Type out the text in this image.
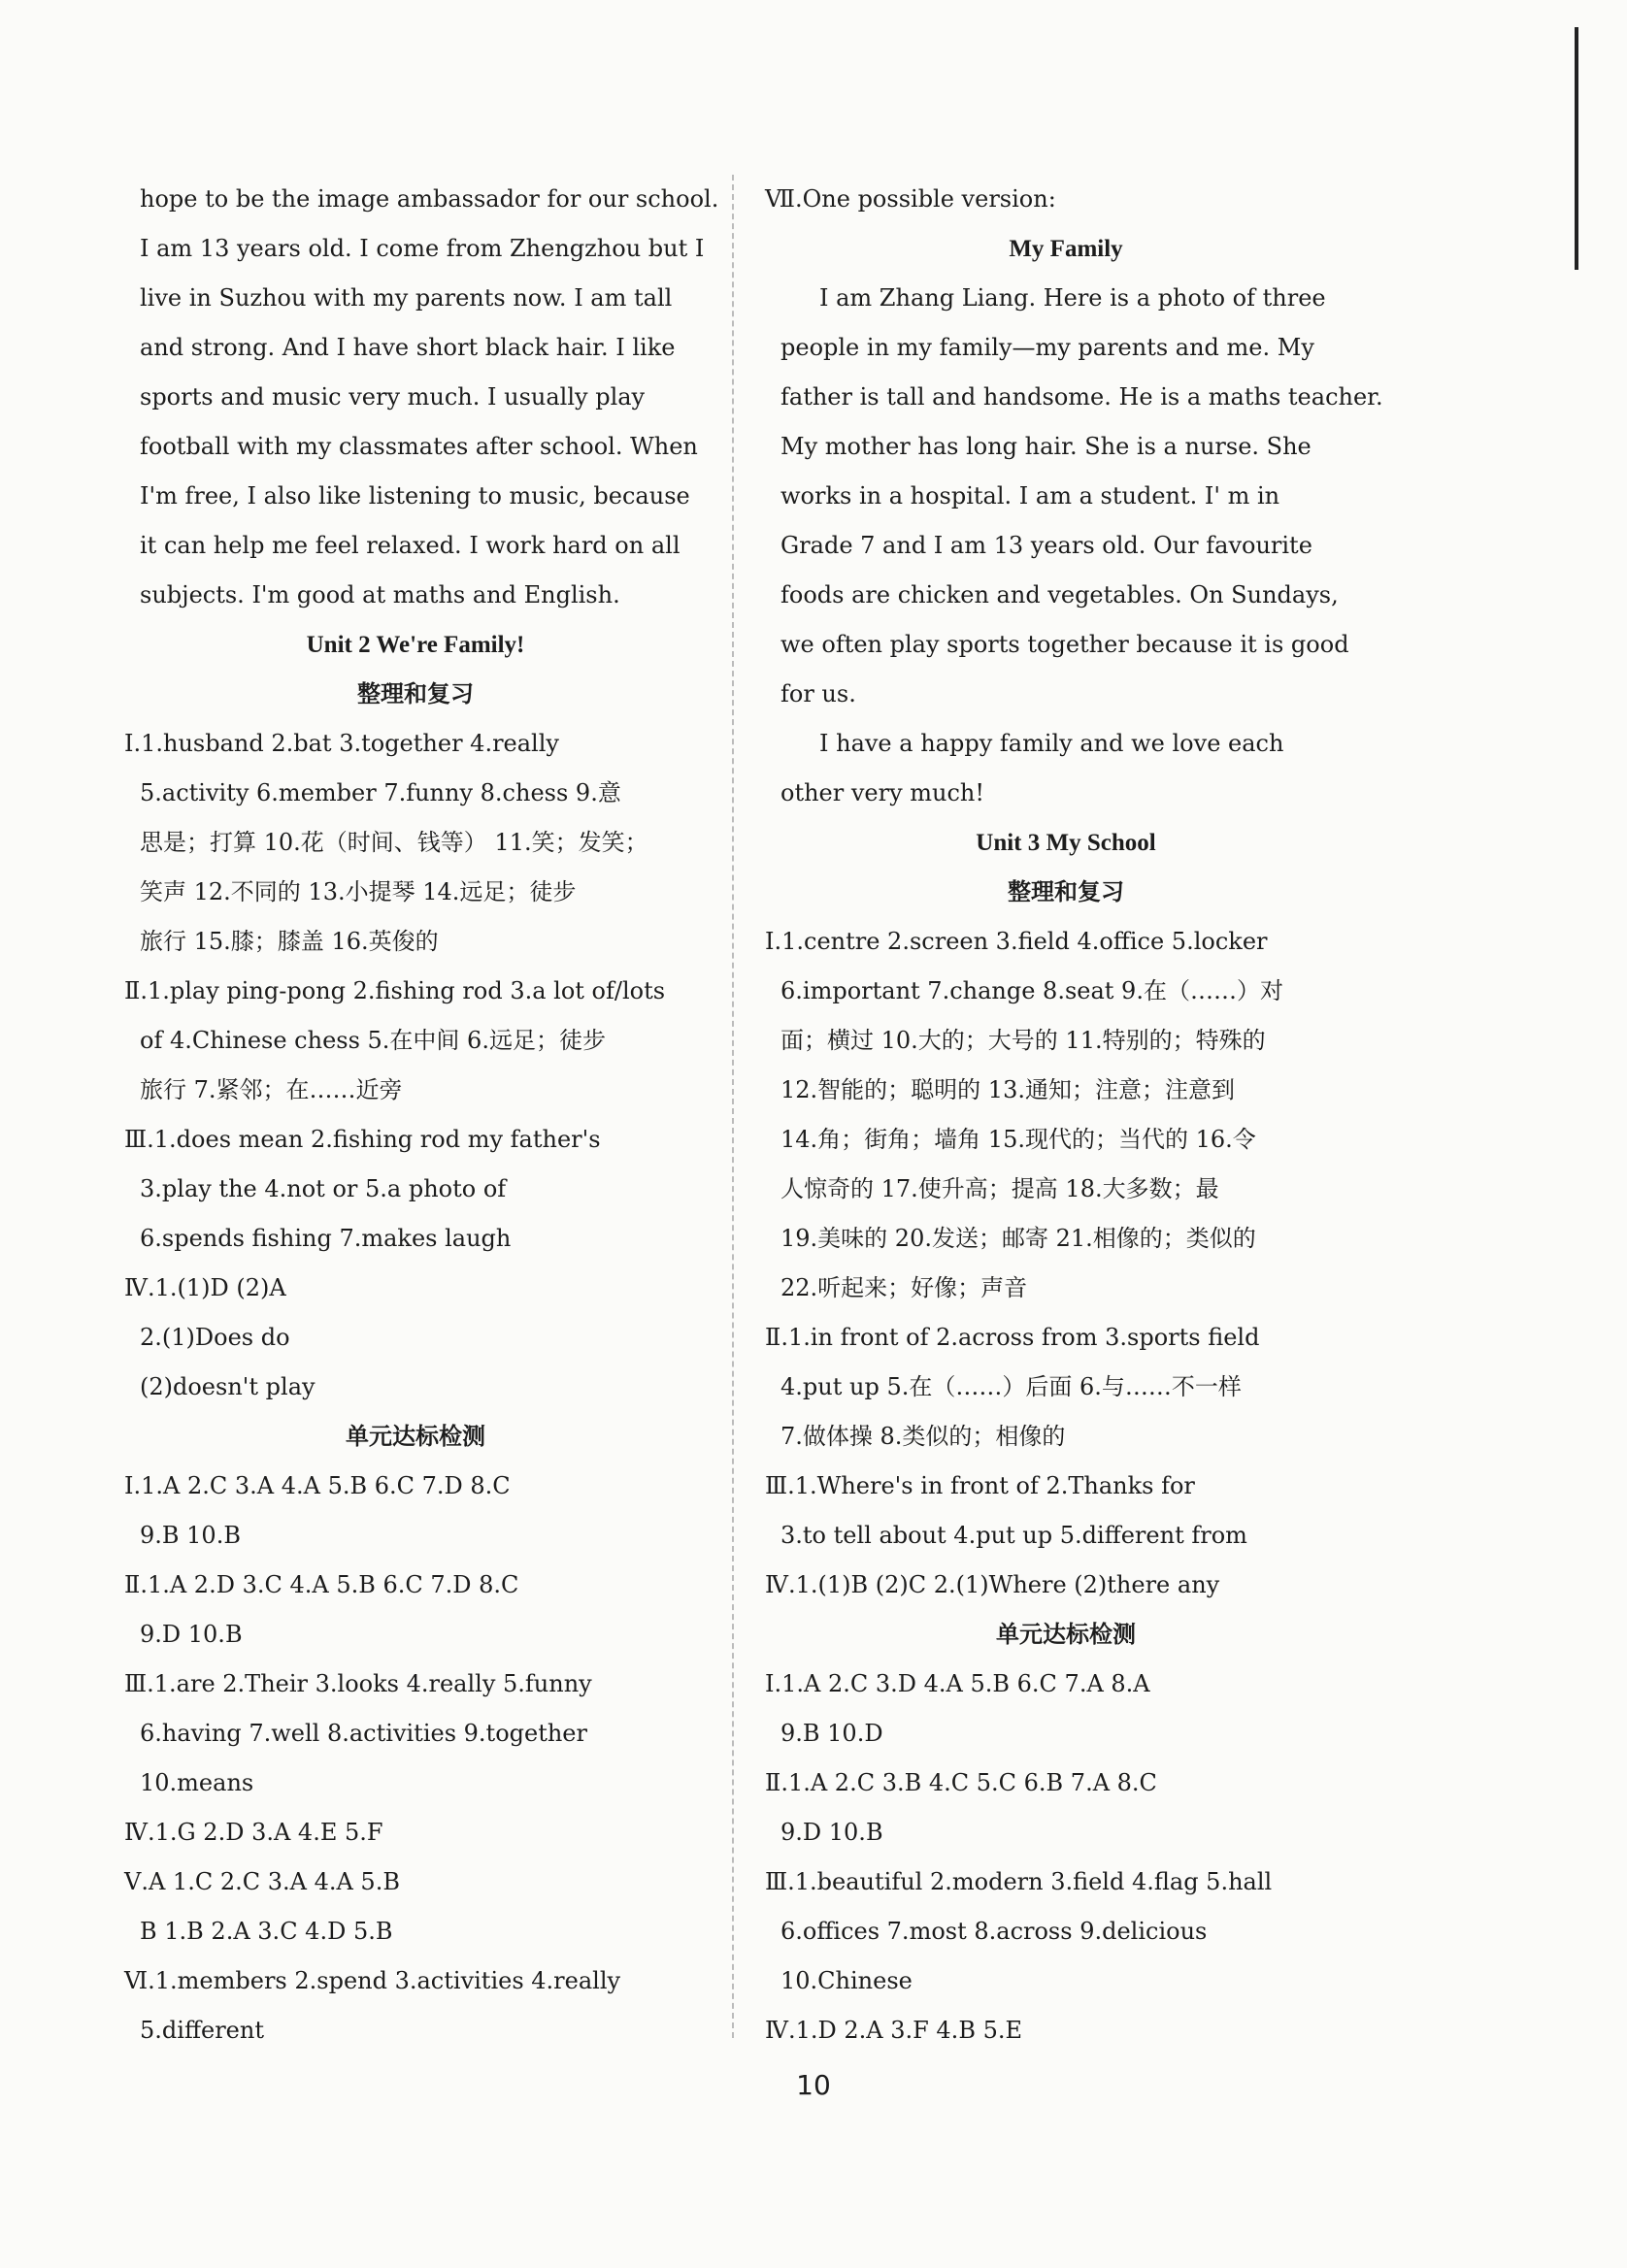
hope to be the image ambassador for our school.
I am 13 years old. I come from Zhengzhou but I
live in Suzhou with my parents now. I am tall
and strong. And I have short black hair. I like
sports and music very much. I usually play
football with my classmates after school. When
I'm free, I also like listening to music, because
it can help me feel relaxed. I work hard on all
subjects. I'm good at maths and English.
Unit 2 We're Family!
整理和复习
Ⅰ.1.husband 2.bat 3.together 4.really
5.activity 6.member 7.funny 8.chess 9.意
思是；打算 10.花（时间、钱等） 11.笑；发笑；
笑声 12.不同的 13.小提琴 14.远足；徒步
旅行 15.膝；膝盖 16.英俊的
Ⅱ.1.play ping-pong 2.fishing rod 3.a lot of/lots
of 4.Chinese chess 5.在中间 6.远足；徒步
旅行 7.紧邻；在……近旁
Ⅲ.1.does mean 2.fishing rod my father's
3.play the 4.not or 5.a photo of
6.spends fishing 7.makes laugh
Ⅳ.1.(1)D (2)A
2.(1)Does do
(2)doesn't play
单元达标检测
Ⅰ.1.A 2.C 3.A 4.A 5.B 6.C 7.D 8.C
9.B 10.B
Ⅱ.1.A 2.D 3.C 4.A 5.B 6.C 7.D 8.C
9.D 10.B
Ⅲ.1.are 2.Their 3.looks 4.really 5.funny
6.having 7.well 8.activities 9.together
10.means
Ⅳ.1.G 2.D 3.A 4.E 5.F
Ⅴ.A 1.C 2.C 3.A 4.A 5.B
B 1.B 2.A 3.C 4.D 5.B
Ⅵ.1.members 2.spend 3.activities 4.really
5.different
Ⅶ.One possible version:
My Family
I am Zhang Liang. Here is a photo of three
people in my family—my parents and me. My
father is tall and handsome. He is a maths teacher.
My mother has long hair. She is a nurse. She
works in a hospital. I am a student. I' m in
Grade 7 and I am 13 years old. Our favourite
foods are chicken and vegetables. On Sundays,
we often play sports together because it is good
for us.
I have a happy family and we love each
other very much!
Unit 3 My School
整理和复习
Ⅰ.1.centre 2.screen 3.field 4.office 5.locker
6.important 7.change 8.seat 9.在（……）对
面；横过 10.大的；大号的 11.特别的；特殊的
12.智能的；聪明的 13.通知；注意；注意到
14.角；街角；墙角 15.现代的；当代的 16.令
人惊奇的 17.使升高；提高 18.大多数；最
19.美味的 20.发送；邮寄 21.相像的；类似的
22.听起来；好像；声音
Ⅱ.1.in front of 2.across from 3.sports field
4.put up 5.在（……）后面 6.与……不一样
7.做体操 8.类似的；相像的
Ⅲ.1.Where's in front of 2.Thanks for
3.to tell about 4.put up 5.different from
Ⅳ.1.(1)B (2)C 2.(1)Where (2)there any
单元达标检测
Ⅰ.1.A 2.C 3.D 4.A 5.B 6.C 7.A 8.A
9.B 10.D
Ⅱ.1.A 2.C 3.B 4.C 5.C 6.B 7.A 8.C
9.D 10.B
Ⅲ.1.beautiful 2.modern 3.field 4.flag 5.hall
6.offices 7.most 8.across 9.delicious
10.Chinese
Ⅳ.1.D 2.A 3.F 4.B 5.E
10
